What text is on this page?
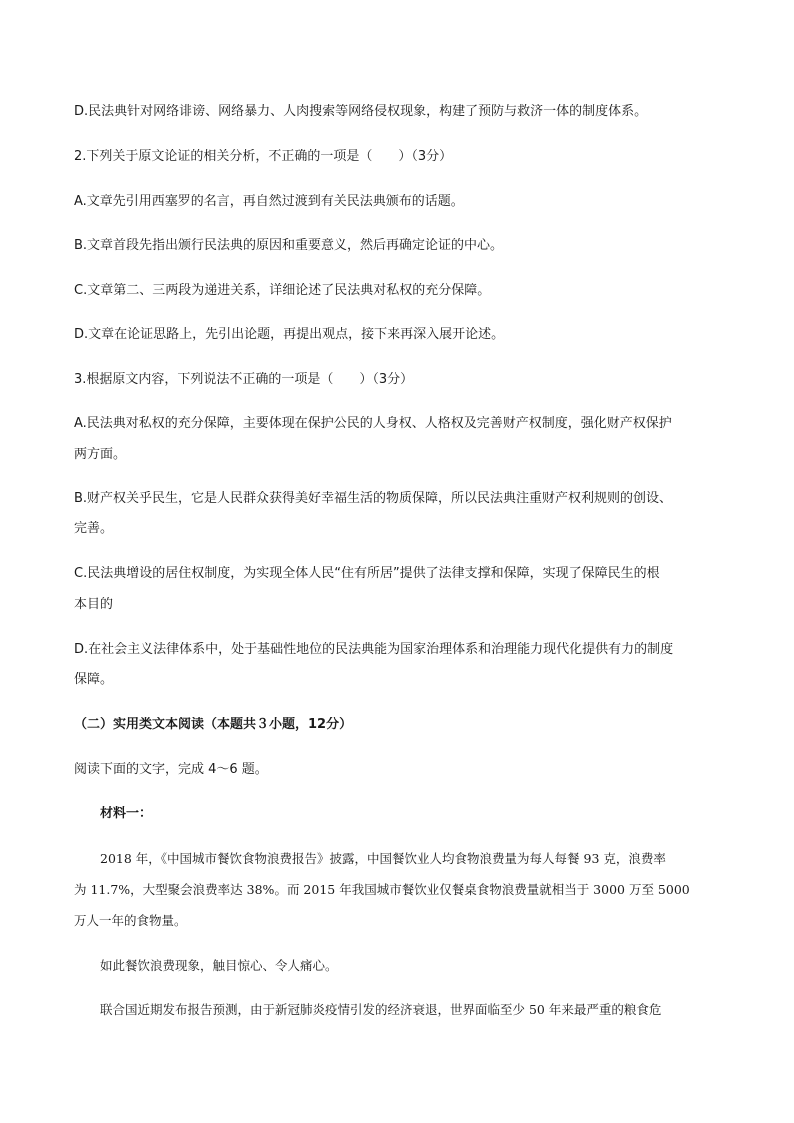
D.民法典针对网络诽谤、网络暴力、人肉搜索等网络侵权现象，构建了预防与救济一体的制度体系。
2.下列关于原文论证的相关分析，不正确的一项是（　　）（3分）
A.文章先引用西塞罗的名言，再自然过渡到有关民法典颁布的话题。
B.文章首段先指出颁行民法典的原因和重要意义，然后再确定论证的中心。
C.文章第二、三两段为递进关系，详细论述了民法典对私权的充分保障。
D.文章在论证思路上，先引出论题，再提出观点，接下来再深入展开论述。
3.根据原文内容，下列说法不正确的一项是（　　）（3分）
A.民法典对私权的充分保障，主要体现在保护公民的人身权、人格权及完善财产权制度，强化财产权保护
两方面。
B.财产权关乎民生，它是人民群众获得美好幸福生活的物质保障，所以民法典注重财产权利规则的创设、
完善。
C.民法典增设的居住权制度，为实现全体人民“住有所居”提供了法律支撑和保障，实现了保障民生的根
本目的
D.在社会主义法律体系中，处于基础性地位的民法典能为国家治理体系和治理能力现代化提供有力的制度
保障。
（二）实用类文本阅读（本题共３小题，12分）
阅读下面的文字，完成 4～6 题。
材料一：
2018 年，《中国城市餐饮食物浪费报告》披露，中国餐饮业人均食物浪费量为每人每餐 93 克，浪费率
为 11.7%，大型聚会浪费率达 38%。而 2015 年我国城市餐饮业仅餐桌食物浪费量就相当于 3000 万至 5000
万人一年的食物量。
如此餐饮浪费现象，触目惊心、令人痛心。
联合国近期发布报告预测，由于新冠肺炎疫情引发的经济衰退，世界面临至少 50 年来最严重的粮食危
